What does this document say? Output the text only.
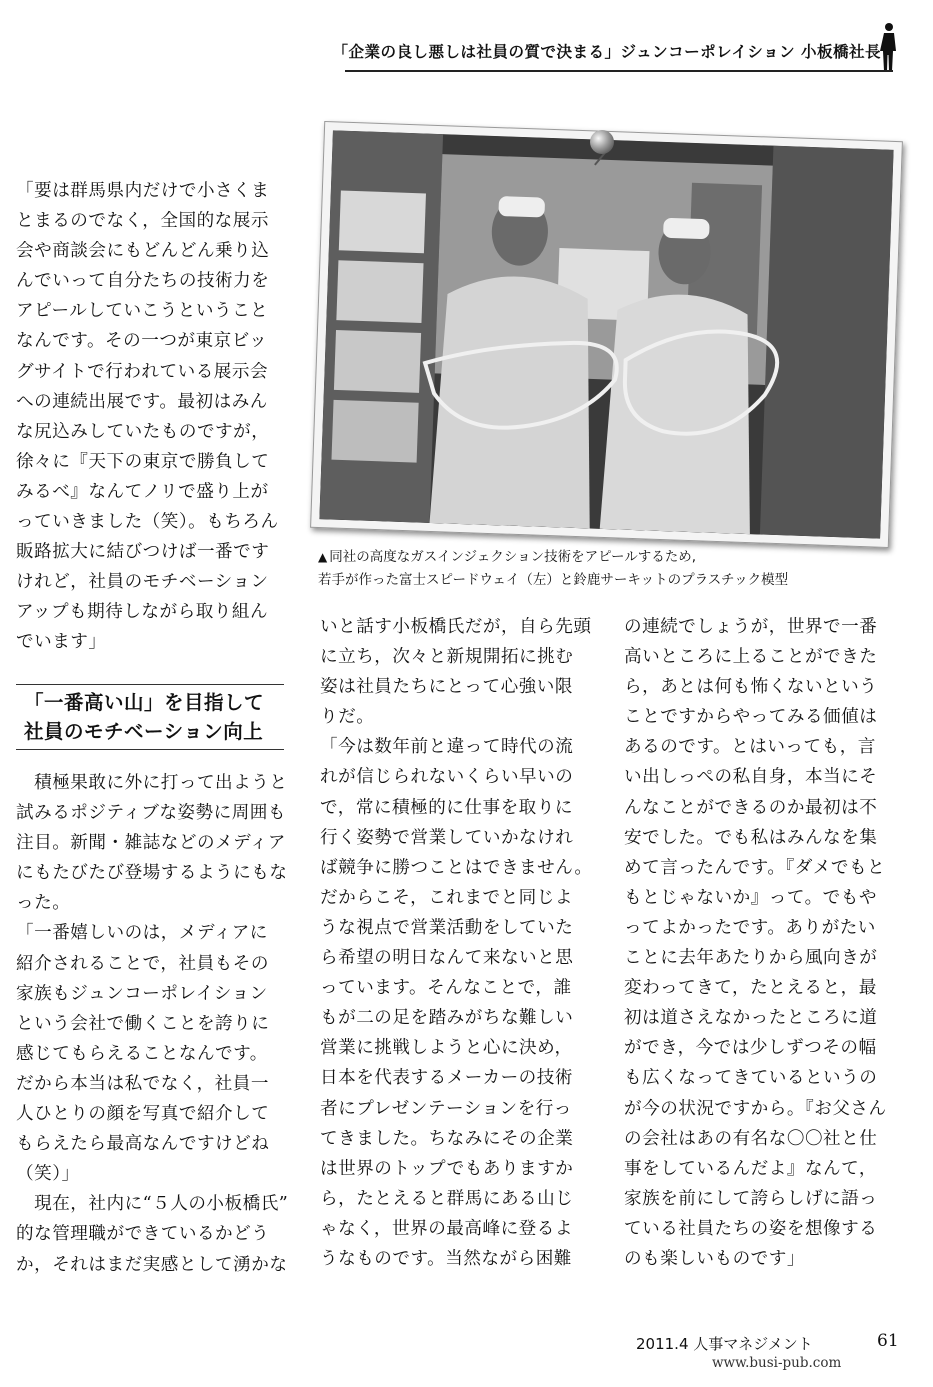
「企業の良し悪しは社員の質で決まる」ジュンコーポレイション 小板橋社長
▲ 同社の高度なガスインジェクション技術をアピールするため,
若手が作った富士スピードウェイ（左）と鈴鹿サーキットのプラスチック模型
「要は群馬県内だけで小さくま
とまるのでなく，全国的な展示
会や商談会にもどんどん乗り込
んでいって自分たちの技術力を
アピールしていこうということ
なんです。その一つが東京ビッ
グサイトで行われている展示会
への連続出展です。最初はみん
な尻込みしていたものですが，
徐々に『天下の東京で勝負して
みるべ』なんてノリで盛り上が
っていきました（笑）。もちろん
販路拡大に結びつけば一番です
けれど，社員のモチベーション
アップも期待しながら取り組ん
でいます」
「一番高い山」を目指して
社員のモチベーション向上
　積極果敢に外に打って出ようと
試みるポジティブな姿勢に周囲も
注目。新聞・雑誌などのメディア
にもたびたび登場するようにもな
った。
「一番嬉しいのは，メディアに
紹介されることで，社員もその
家族もジュンコーポレイション
という会社で働くことを誇りに
感じてもらえることなんです。
だから本当は私でなく，社員一
人ひとりの顔を写真で紹介して
もらえたら最高なんですけどね
（笑）」
　現在，社内に“５人の小板橋氏”
的な管理職ができているかどう
か，それはまだ実感として湧かな
いと話す小板橋氏だが，自ら先頭
に立ち，次々と新規開拓に挑む
姿は社員たちにとって心強い限
りだ。
「今は数年前と違って時代の流
れが信じられないくらい早いの
で，常に積極的に仕事を取りに
行く姿勢で営業していかなけれ
ば競争に勝つことはできません。
だからこそ，これまでと同じよ
うな視点で営業活動をしていた
ら希望の明日なんて来ないと思
っています。そんなことで，誰
もが二の足を踏みがちな難しい
営業に挑戦しようと心に決め，
日本を代表するメーカーの技術
者にプレゼンテーションを行っ
てきました。ちなみにその企業
は世界のトップでもありますか
ら，たとえると群馬にある山じ
ゃなく，世界の最高峰に登るよ
うなものです。当然ながら困難
の連続でしょうが，世界で一番
高いところに上ることができた
ら，あとは何も怖くないという
ことですからやってみる価値は
あるのです。とはいっても，言
い出しっぺの私自身，本当にそ
んなことができるのか最初は不
安でした。でも私はみんなを集
めて言ったんです。『ダメでもと
もとじゃないか』って。でもや
ってよかったです。ありがたい
ことに去年あたりから風向きが
変わってきて，たとえると，最
初は道さえなかったところに道
ができ，今では少しずつその幅
も広くなってきているというの
が今の状況ですから。『お父さん
の会社はあの有名な〇〇社と仕
事をしているんだよ』なんて，
家族を前にして誇らしげに語っ
ている社員たちの姿を想像する
のも楽しいものです」
2011.4 人事マネジメント	61
www.busi-pub.com
